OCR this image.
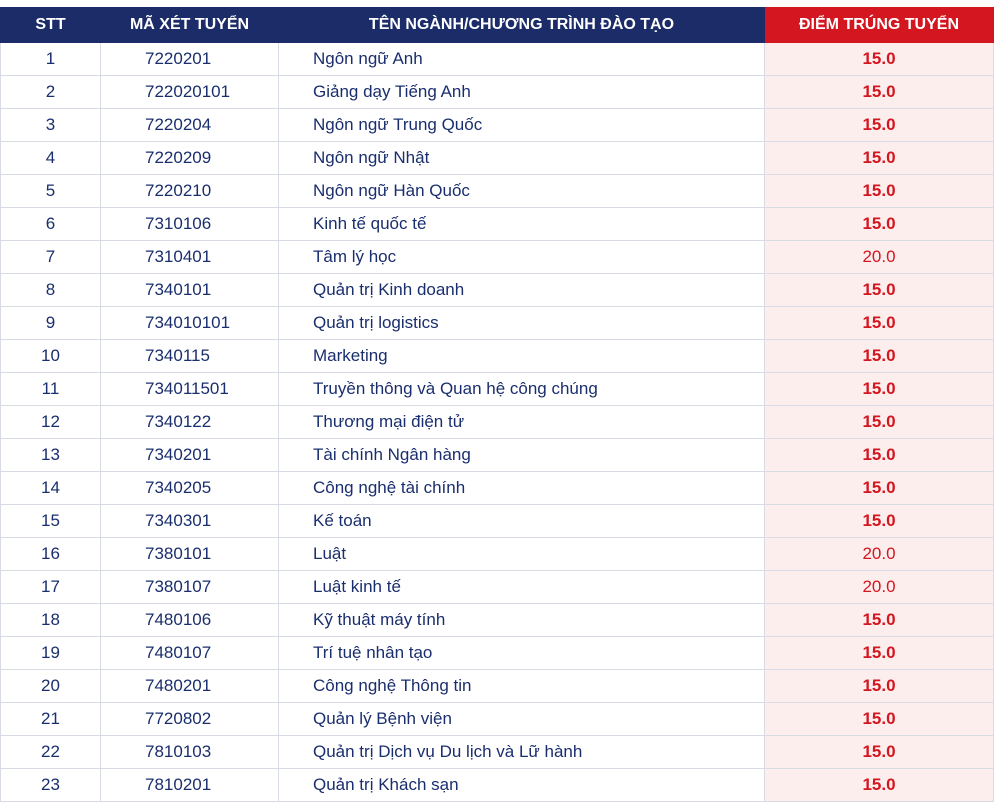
STT	MÃ XÉT TUYỂN	TÊN NGÀNH/CHƯƠNG TRÌNH ĐÀO TẠO	ĐIỂM TRÚNG TUYỂN
1	7220201	Ngôn ngữ Anh	15.0
2	722020101	Giảng dạy Tiếng Anh	15.0
3	7220204	Ngôn ngữ Trung Quốc	15.0
4	7220209	Ngôn ngữ Nhật	15.0
5	7220210	Ngôn ngữ Hàn Quốc	15.0
6	7310106	Kinh tế quốc tế	15.0
7	7310401	Tâm lý học	20.0
8	7340101	Quản trị Kinh doanh	15.0
9	734010101	Quản trị logistics	15.0
10	7340115	Marketing	15.0
11	734011501	Truyền thông và Quan hệ công chúng	15.0
12	7340122	Thương mại điện tử	15.0
13	7340201	Tài chính Ngân hàng	15.0
14	7340205	Công nghệ tài chính	15.0
15	7340301	Kế toán	15.0
16	7380101	Luật	20.0
17	7380107	Luật kinh tế	20.0
18	7480106	Kỹ thuật máy tính	15.0
19	7480107	Trí tuệ nhân tạo	15.0
20	7480201	Công nghệ Thông tin	15.0
21	7720802	Quản lý Bệnh viện	15.0
22	7810103	Quản trị Dịch vụ Du lịch và Lữ hành	15.0
23	7810201	Quản trị Khách sạn	15.0
